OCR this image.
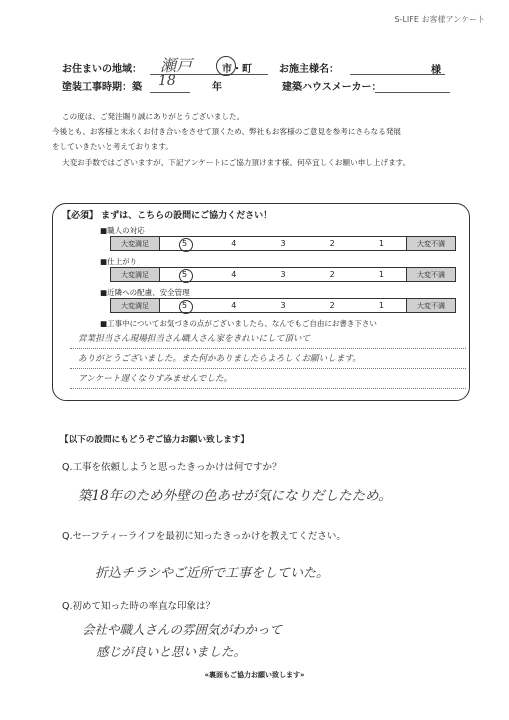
S-LIFE お客様アンケート
お住まいの地域： 瀬戸	市・町	お施主様名：	様
塗装工事時期：築 18	年	建築ハウスメーカー：
この度は、ご発注賜り誠にありがとうございました。
今後とも、お客様と末永くお付き合いをさせて頂くため、弊社もお客様のご意見を参考にさらなる発展
をしていきたいと考えております。
大変お手数ではございますが、下記アンケートにご協力頂けます様、何卒宜しくお願い申し上げます。
【必須】 まずは、こちらの設問にご協力ください！
■職人の対応
大変満足	5	4	3	2	1	大変不満
■仕上がり
大変満足	5	4	3	2	1	大変不満
■近隣への配慮、安全管理
大変満足	5	4	3	2	1	大変不満
■工事中についてお気づきの点がございましたら、なんでもご自由にお書き下さい
営業担当さん現場担当さん職人さん家をきれいにして頂いて
ありがとうございました。また何かありましたらよろしくお願いします。
アンケート遅くなりすみませんでした。
【以下の設問にもどうぞご協力お願い致します】
Q.工事を依頼しようと思ったきっかけは何ですか？
築18年のため外壁の色あせが気になりだしたため。
Q.セーフティーライフを最初に知ったきっかけを教えてください。
折込チラシやご近所で工事をしていた。
Q.初めて知った時の率直な印象は？
会社や職人さんの雰囲気がわかって
感じが良いと思いました。
«裏面もご協力お願い致します»
